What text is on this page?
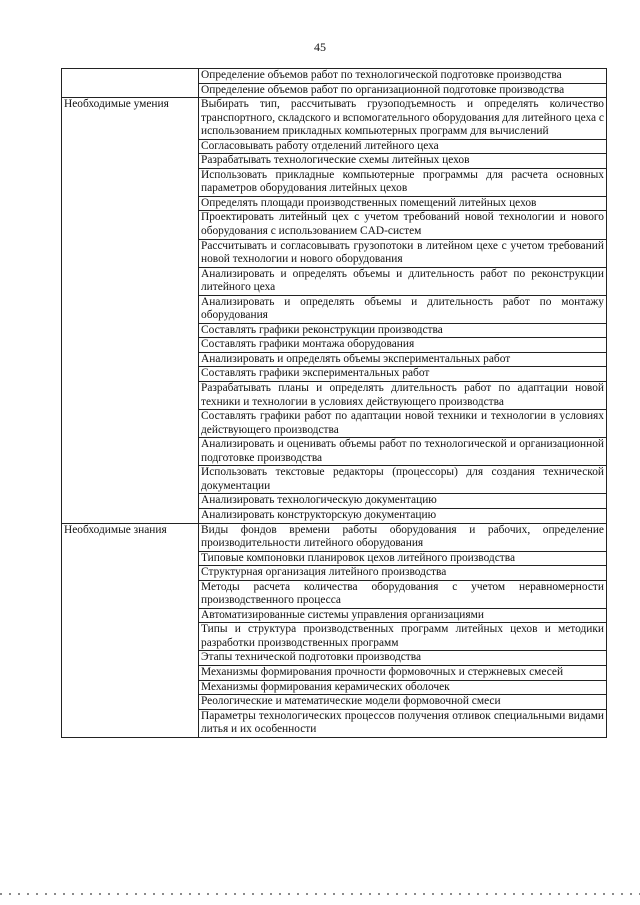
45
	Определение объемов работ по технологической подготовке производства
	Определение объемов работ по организационной подготовке производства
Необходимые умения	Выбирать тип, рассчитывать грузоподъемность и определять количество транспортного, складского и вспомогательного оборудования для литейного цеха с использованием прикладных компьютерных программ для вычислений
	Согласовывать работу отделений литейного цеха
	Разрабатывать технологические схемы литейных цехов
	Использовать прикладные компьютерные программы для расчета основных параметров оборудования литейных цехов
	Определять площади производственных помещений литейных цехов
	Проектировать литейный цех с учетом требований новой технологии и нового оборудования с использованием CAD-систем
	Рассчитывать и согласовывать грузопотоки в литейном цехе с учетом требований новой технологии и нового оборудования
	Анализировать и определять объемы и длительность работ по реконструкции литейного цеха
	Анализировать и определять объемы и длительность работ по монтажу оборудования
	Составлять графики реконструкции производства
	Составлять графики монтажа оборудования
	Анализировать и определять объемы экспериментальных работ
	Составлять графики экспериментальных работ
	Разрабатывать планы и определять длительность работ по адаптации новой техники и технологии в условиях действующего производства
	Составлять графики работ по адаптации новой техники и технологии в условиях действующего производства
	Анализировать и оценивать объемы работ по технологической и организационной подготовке производства
	Использовать текстовые редакторы (процессоры) для создания технической документации
	Анализировать технологическую документацию
	Анализировать конструкторскую документацию
Необходимые знания	Виды фондов времени работы оборудования и рабочих, определение производительности литейного оборудования
	Типовые компоновки планировок цехов литейного производства
	Структурная организация литейного производства
	Методы расчета количества оборудования с учетом неравномерности производственного процесса
	Автоматизированные системы управления организациями
	Типы и структура производственных программ литейных цехов и методики разработки производственных программ
	Этапы технической подготовки производства
	Механизмы формирования прочности формовочных и стержневых смесей
	Механизмы формирования керамических оболочек
	Реологические и математические модели формовочной смеси
	Параметры технологических процессов получения отливок специальными видами литья и их особенности
